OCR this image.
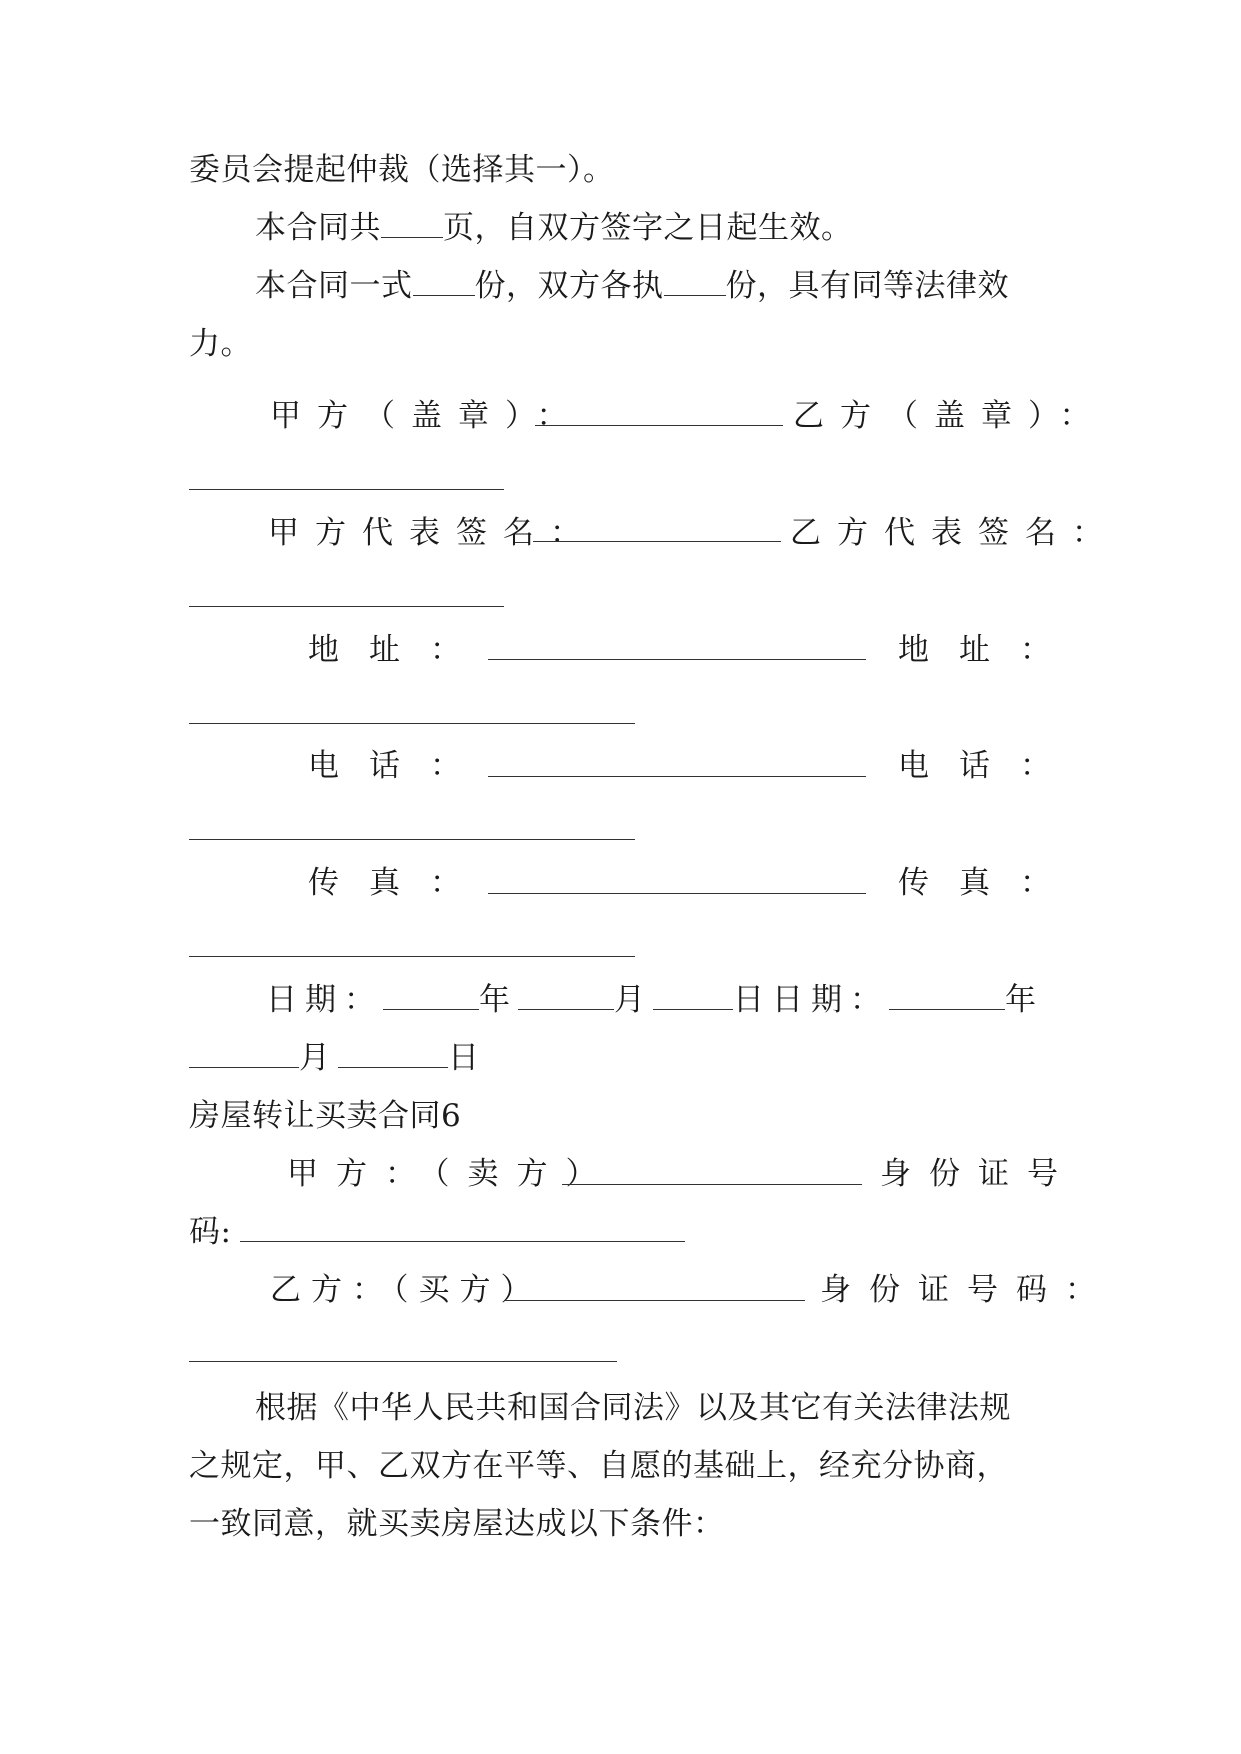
委员会提起仲裁（选择其一）。
本合同共 页，自双方签字之日起生效。
本合同一式 份，双方各执 份，具有同等法律效
力。
甲方（盖章）：	乙方（盖章）：
甲方代表签名：	乙方代表签名：
地址：	地址：
电话：	电话：
传真：	传真：
日期：	年	月	日日期：	年
月	日
房屋转让买卖合同6
甲方：（卖方）	身份证号
码:
乙方：（买方）	身份证号码：
根据《中华人民共和国合同法》以及其它有关法律法规
之规定，甲、乙双方在平等、自愿的基础上，经充分协商，
一致同意，就买卖房屋达成以下条件：
